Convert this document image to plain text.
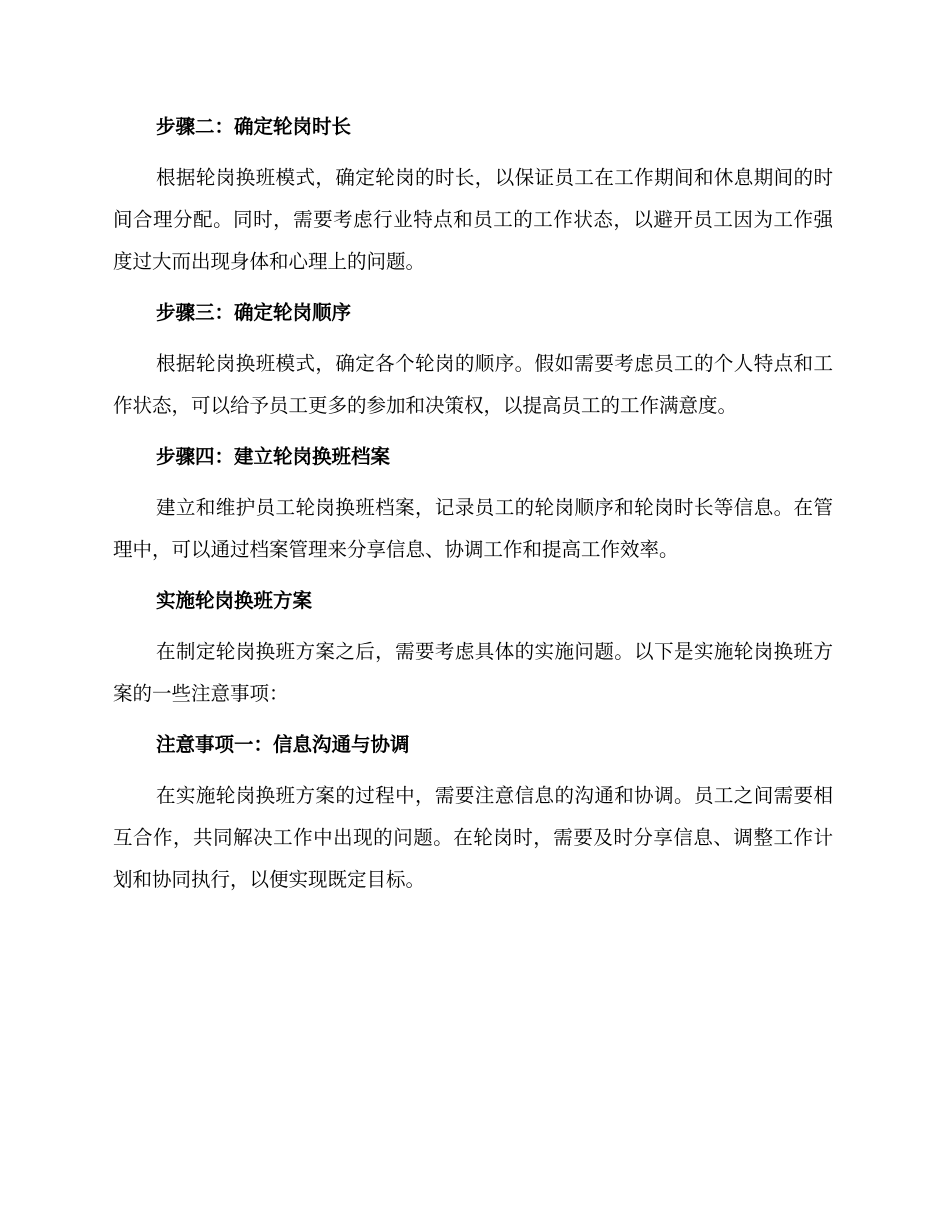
步骤二：确定轮岗时长

根据轮岗换班模式，确定轮岗的时长，以保证员工在工作期间和休息期间的时间合理分配。同时，需要考虑行业特点和员工的工作状态，以避开员工因为工作强度过大而出现身体和心理上的问题。

步骤三：确定轮岗顺序

根据轮岗换班模式，确定各个轮岗的顺序。假如需要考虑员工的个人特点和工作状态，可以给予员工更多的参加和决策权，以提高员工的工作满意度。

步骤四：建立轮岗换班档案

建立和维护员工轮岗换班档案，记录员工的轮岗顺序和轮岗时长等信息。在管理中，可以通过档案管理来分享信息、协调工作和提高工作效率。

实施轮岗换班方案

在制定轮岗换班方案之后，需要考虑具体的实施问题。以下是实施轮岗换班方案的一些注意事项：

注意事项一：信息沟通与协调

在实施轮岗换班方案的过程中，需要注意信息的沟通和协调。员工之间需要相互合作，共同解决工作中出现的问题。在轮岗时，需要及时分享信息、调整工作计划和协同执行，以便实现既定目标。
